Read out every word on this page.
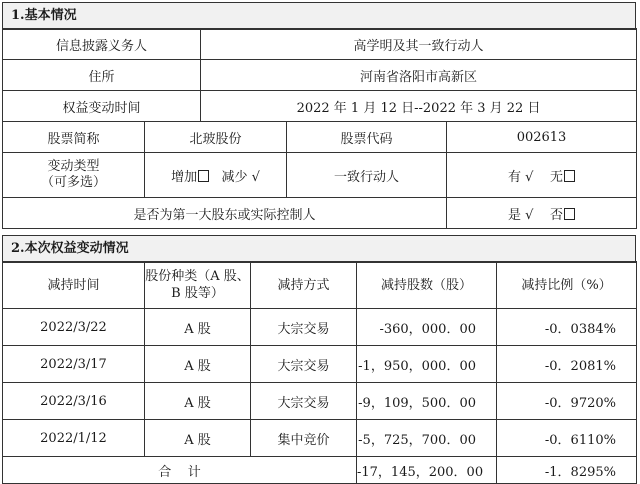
1.基本情况
信息披露义务人		高学明及其一致行动人		
住所		河南省洛阳市高新区		
权益变动时间		2022 年 1 月 12 日--2022 年 3 月 22 日		
股票简称	北玻股份		股票代码	002613

变动类型
（可多选）	增加 减少 √		一致行动人	有 √ 无
是否为第一大股东或实际控制人				是 √ 否
2.本次权益变动情况
减持时间	股份种类（A 股、B 股等）	减持方式	减持股数（股）	减持比例（%）
2022/3/22	A 股	大宗交易	-360，000．00	-0．0384%
2022/3/17	A 股	大宗交易	-1，950，000．00	-0．2081%
2022/3/16	A 股	大宗交易	-9，109，500．00	-0．9720%
2022/1/12	A 股	集中竞价	-5，725，700．00	-0．6110%
合    计			-17，145，200．00	-1．8295%
